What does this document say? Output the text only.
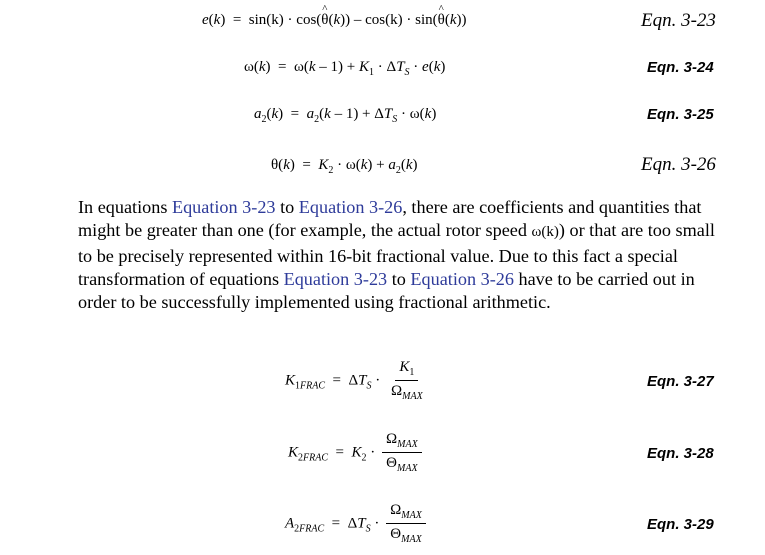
e(k)  =  sin(k) · cos(^ θ(k)) – cos(k) · sin(^ θ(k))	Eqn. 3-23
$\omega(k) = \omega(k - 1) + K_1 \cdot \Delta T_S \cdot e(k)$	Eqn. 3-24
$a_2(k) = a_2(k - 1) + \Delta T_S \cdot \omega(k)$	Eqn. 3-25
$\theta(k) = K_2 \cdot \omega(k) + a_2(k)$	Eqn. 3-26
In equations Equation 3-23 to Equation 3-26, there are coefficients and quantities that might be greater than one (for example, the actual rotor speed ω(k)) or that are too small to be precisely represented within 16-bit fractional value. Due to this fact a special transformation of equations Equation 3-23 to Equation 3-26 have to be carried out in order to be successfully implemented using fractional arithmetic.
$K_{1FRAC} = \Delta T_S \cdot \frac{K_1}{\Omega_{MAX}}$	Eqn. 3-27
$K_{2FRAC} = K_2 \cdot \frac{\Omega_{MAX}}{\Theta_{MAX}}$	Eqn. 3-28
$A_{2FRAC} = \Delta T_S \cdot \frac{\Omega_{MAX}}{\Theta_{MAX}}$	Eqn. 3-29
